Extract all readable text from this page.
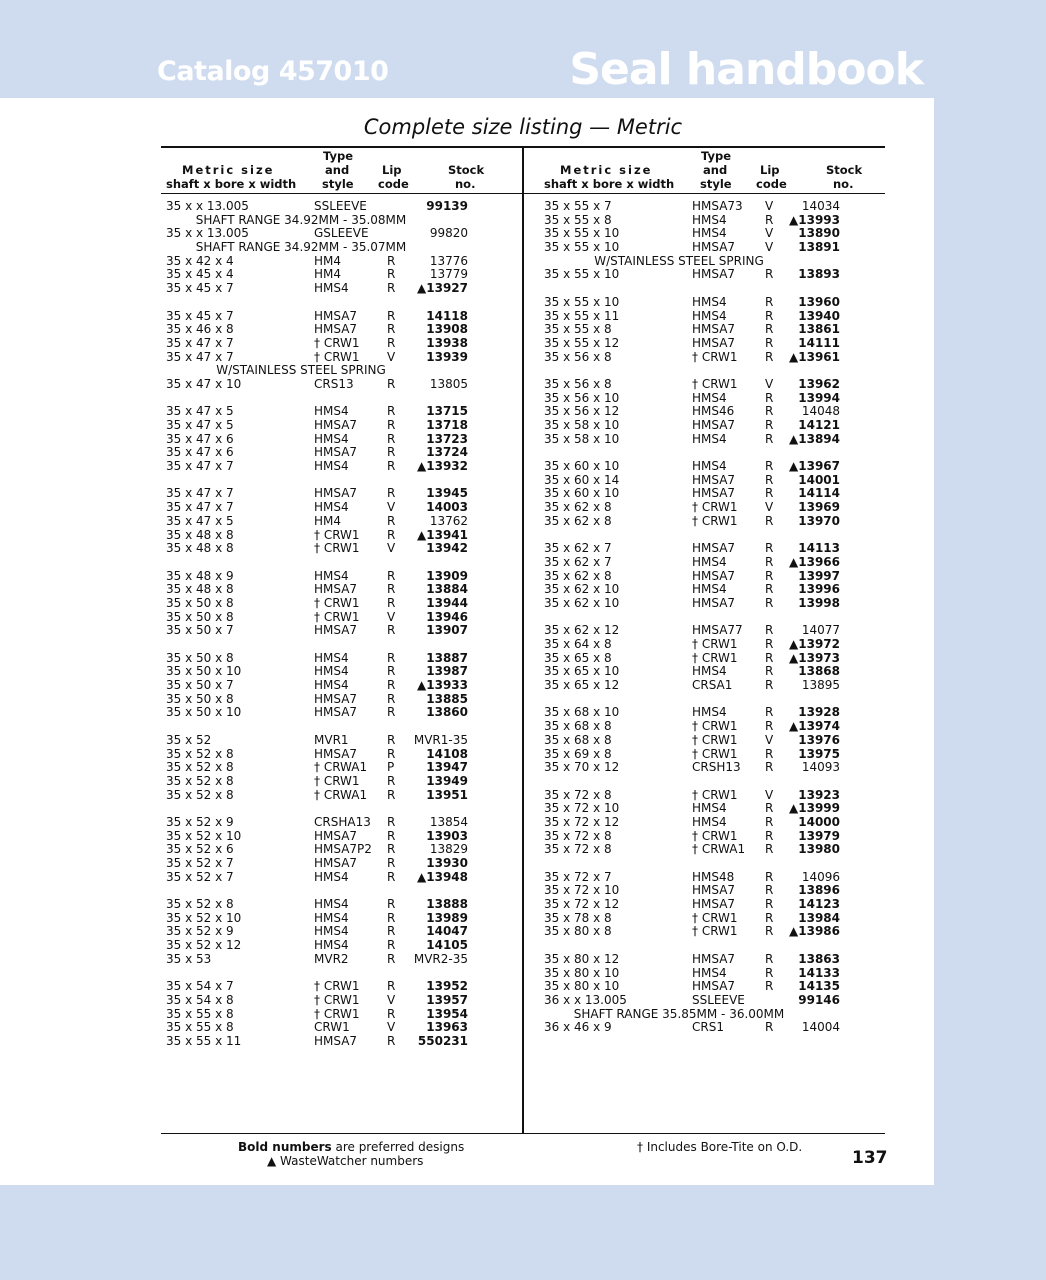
Catalog 457010	Seal handbook
Complete size listing — Metric
Type
Metric size	and	Lip	Stock
shaft x bore x width style code	no.
Type
Metric size	and	Lip	Stock
shaft x bore x width style code	no.
35 x x 13.005	SSLEEVE	99139
SHAFT RANGE 34.92MM - 35.08MM
35 x x 13.005	GSLEEVE	99820
SHAFT RANGE 34.92MM - 35.07MM
35 x 42 x 4	HM4	R	13776
35 x 45 x 4	HM4	R	13779
35 x 45 x 7	HMS4	R ▲13927
35 x 45 x 7	HMSA7 R	14118
35 x 46 x 8	HMSA7 R	13908
35 x 47 x 7	† CRW1 R	13938
35 x 47 x 7	† CRW1 V	13939
W/STAINLESS STEEL SPRING
35 x 47 x 10	CRS13	R	13805
35 x 47 x 5	HMS4	R	13715
35 x 47 x 5	HMSA7 R	13718
35 x 47 x 6	HMS4	R	13723
35 x 47 x 6	HMSA7 R	13724
35 x 47 x 7	HMS4	R ▲13932
35 x 47 x 7	HMSA7 R	13945
35 x 47 x 7	HMS4	V	14003
35 x 47 x 5	HM4	R	13762
35 x 48 x 8	† CRW1 R ▲13941
35 x 48 x 8	† CRW1 V	13942
35 x 48 x 9	HMS4	R	13909
35 x 48 x 8	HMSA7 R	13884
35 x 50 x 8	† CRW1 R	13944
35 x 50 x 8	† CRW1 V	13946
35 x 50 x 7	HMSA7 R	13907
35 x 50 x 8	HMS4	R	13887
35 x 50 x 10	HMS4	R	13987
35 x 50 x 7	HMS4	R ▲13933
35 x 50 x 8	HMSA7 R	13885
35 x 50 x 10	HMSA7 R	13860
35 x 52	MVR1	R MVR1-35
35 x 52 x 8	HMSA7 R	14108
35 x 52 x 8	† CRWA1 P	13947
35 x 52 x 8	† CRW1 R	13949
35 x 52 x 8	† CRWA1 R	13951
35 x 52 x 9	CRSHA13 R	13854
35 x 52 x 10	HMSA7 R	13903
35 x 52 x 6	HMSA7P2 R	13829
35 x 52 x 7	HMSA7 R	13930
35 x 52 x 7	HMS4	R ▲13948
35 x 52 x 8	HMS4	R	13888
35 x 52 x 10	HMS4	R	13989
35 x 52 x 9	HMS4	R	14047
35 x 52 x 12	HMS4	R	14105
35 x 53	MVR2	R MVR2-35
35 x 54 x 7	† CRW1 R	13952
35 x 54 x 8	† CRW1 V	13957
35 x 55 x 8	† CRW1 R	13954
35 x 55 x 8	CRW1	V	13963
35 x 55 x 11	HMSA7 R 550231
35 x 55 x 7	HMSA73 V 14034
35 x 55 x 8	HMS4	R ▲13993
35 x 55 x 10	HMS4	V 13890
35 x 55 x 10	HMSA7 V 13891
W/STAINLESS STEEL SPRING
35 x 55 x 10	HMSA7 R 13893
35 x 55 x 10	HMS4	R 13960
35 x 55 x 11	HMS4	R 13940
35 x 55 x 8	HMSA7 R 13861
35 x 55 x 12	HMSA7 R 14111
35 x 56 x 8	† CRW1 R ▲13961
35 x 56 x 8	† CRW1 V 13962
35 x 56 x 10	HMS4	R 13994
35 x 56 x 12	HMS46	R 14048
35 x 58 x 10	HMSA7 R 14121
35 x 58 x 10	HMS4	R ▲13894
35 x 60 x 10	HMS4	R ▲13967
35 x 60 x 14	HMSA7 R 14001
35 x 60 x 10	HMSA7 R 14114
35 x 62 x 8	† CRW1 V 13969
35 x 62 x 8	† CRW1 R 13970
35 x 62 x 7	HMSA7 R 14113
35 x 62 x 7	HMS4	R ▲13966
35 x 62 x 8	HMSA7 R 13997
35 x 62 x 10	HMS4	R 13996
35 x 62 x 10	HMSA7 R 13998
35 x 62 x 12	HMSA77 R 14077
35 x 64 x 8	† CRW1 R ▲13972
35 x 65 x 8	† CRW1 R ▲13973
35 x 65 x 10	HMS4	R 13868
35 x 65 x 12	CRSA1	R 13895
35 x 68 x 10	HMS4	R 13928
35 x 68 x 8	† CRW1 R ▲13974
35 x 68 x 8	† CRW1 V 13976
35 x 69 x 8	† CRW1 R 13975
35 x 70 x 12	CRSH13 R 14093
35 x 72 x 8	† CRW1 V 13923
35 x 72 x 10	HMS4	R ▲13999
35 x 72 x 12	HMS4	R 14000
35 x 72 x 8	† CRW1 R 13979
35 x 72 x 8	† CRWA1 R 13980
35 x 72 x 7	HMS48	R 14096
35 x 72 x 10	HMSA7 R 13896
35 x 72 x 12	HMSA7 R 14123
35 x 78 x 8	† CRW1 R 13984
35 x 80 x 8	† CRW1 R ▲13986
35 x 80 x 12	HMSA7 R 13863
35 x 80 x 10	HMS4	R 14133
35 x 80 x 10	HMSA7 R 14135
36 x x 13.005	SSLEEVE	99146
SHAFT RANGE 35.85MM - 36.00MM
36 x 46 x 9	CRS1	R 14004
Bold numbers are preferred designs
▲ WasteWatcher numbers
† Includes Bore-Tite on O.D.
137
